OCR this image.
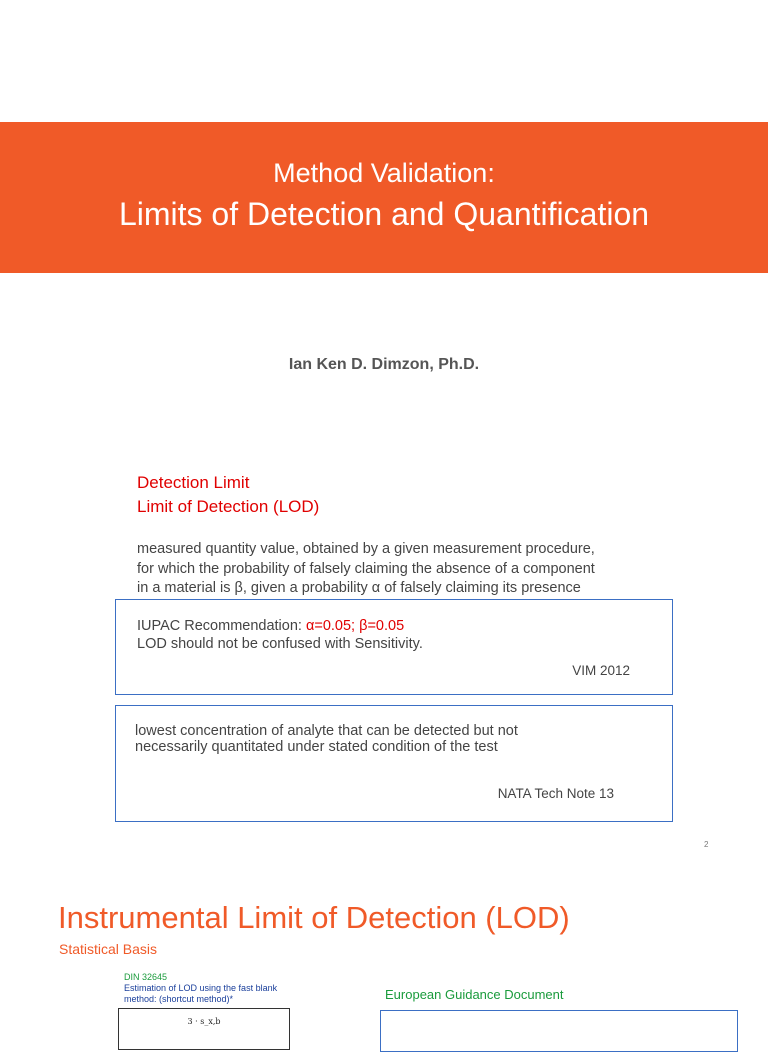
Method Validation:
Limits of Detection and Quantification
Ian Ken D. Dimzon, Ph.D.
Detection Limit
Limit of Detection (LOD)
measured quantity value, obtained by a given measurement procedure,
for which the probability of falsely claiming the absence of a component
in a material is β, given a probability α of falsely claiming its presence
IUPAC Recommendation: α=0.05; β=0.05
LOD should not be confused with Sensitivity.
VIM 2012
lowest concentration of analyte that can be detected but not
necessarily quantitated under stated condition of the test
NATA Tech Note 13
2
Instrumental Limit of Detection (LOD)
Statistical Basis
DIN 32645
Estimation of LOD using the fast blank
method: (shortcut method)*	European Guidance Document
3 · s_x,b
